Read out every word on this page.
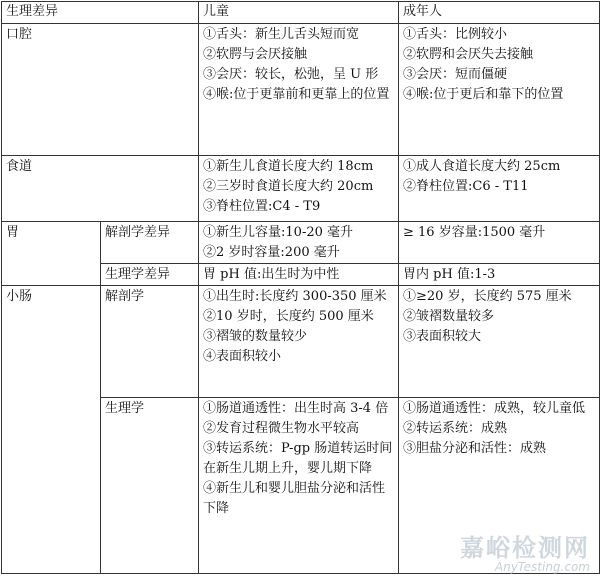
生理差异		儿童	成年人
口腔		①舌头：新生儿舌头短而宽
②软腭与会厌接触
③会厌：较长，松弛，呈 U 形
④喉:位于更靠前和更靠上的位置	①舌头：比例较小
②软腭和会厌失去接触
③会厌：短而僵硬
④喉:位于更后和靠下的位置

食道		①新生儿食道长度大约 18cm
②三岁时食道长度大约 20cm
③脊柱位置:C4 - T9	①成人食道长度大约 25cm
②脊柱位置:C6 - T11

胃	解剖学差异	①新生儿容量:10-20 毫升
②2 岁时容量:200 毫升	≥ 16 岁容量:1500 毫升

	生理学差异	胃 pH 值:出生时为中性	胃内 pH 值:1-3

小肠	解剖学	①出生时:长度约 300-350 厘米
②10 岁时，长度约 500 厘米
③褶皱的数量较少
④表面积较小	①≥20 岁，长度约 575 厘米
②皱褶数量较多
③表面积较大

	生理学	①肠道通透性：出生时高 3-4 倍
②发育过程微生物水平较高
③转运系统：P-gp 肠道转运时间在新生儿期上升，婴儿期下降
④新生儿和婴儿胆盐分泌和活性下降	①肠道通透性：成熟，较儿童低
②转运系统：成熟
③胆盐分泌和活性：成熟
嘉峪检测网
AnyTesting.com
